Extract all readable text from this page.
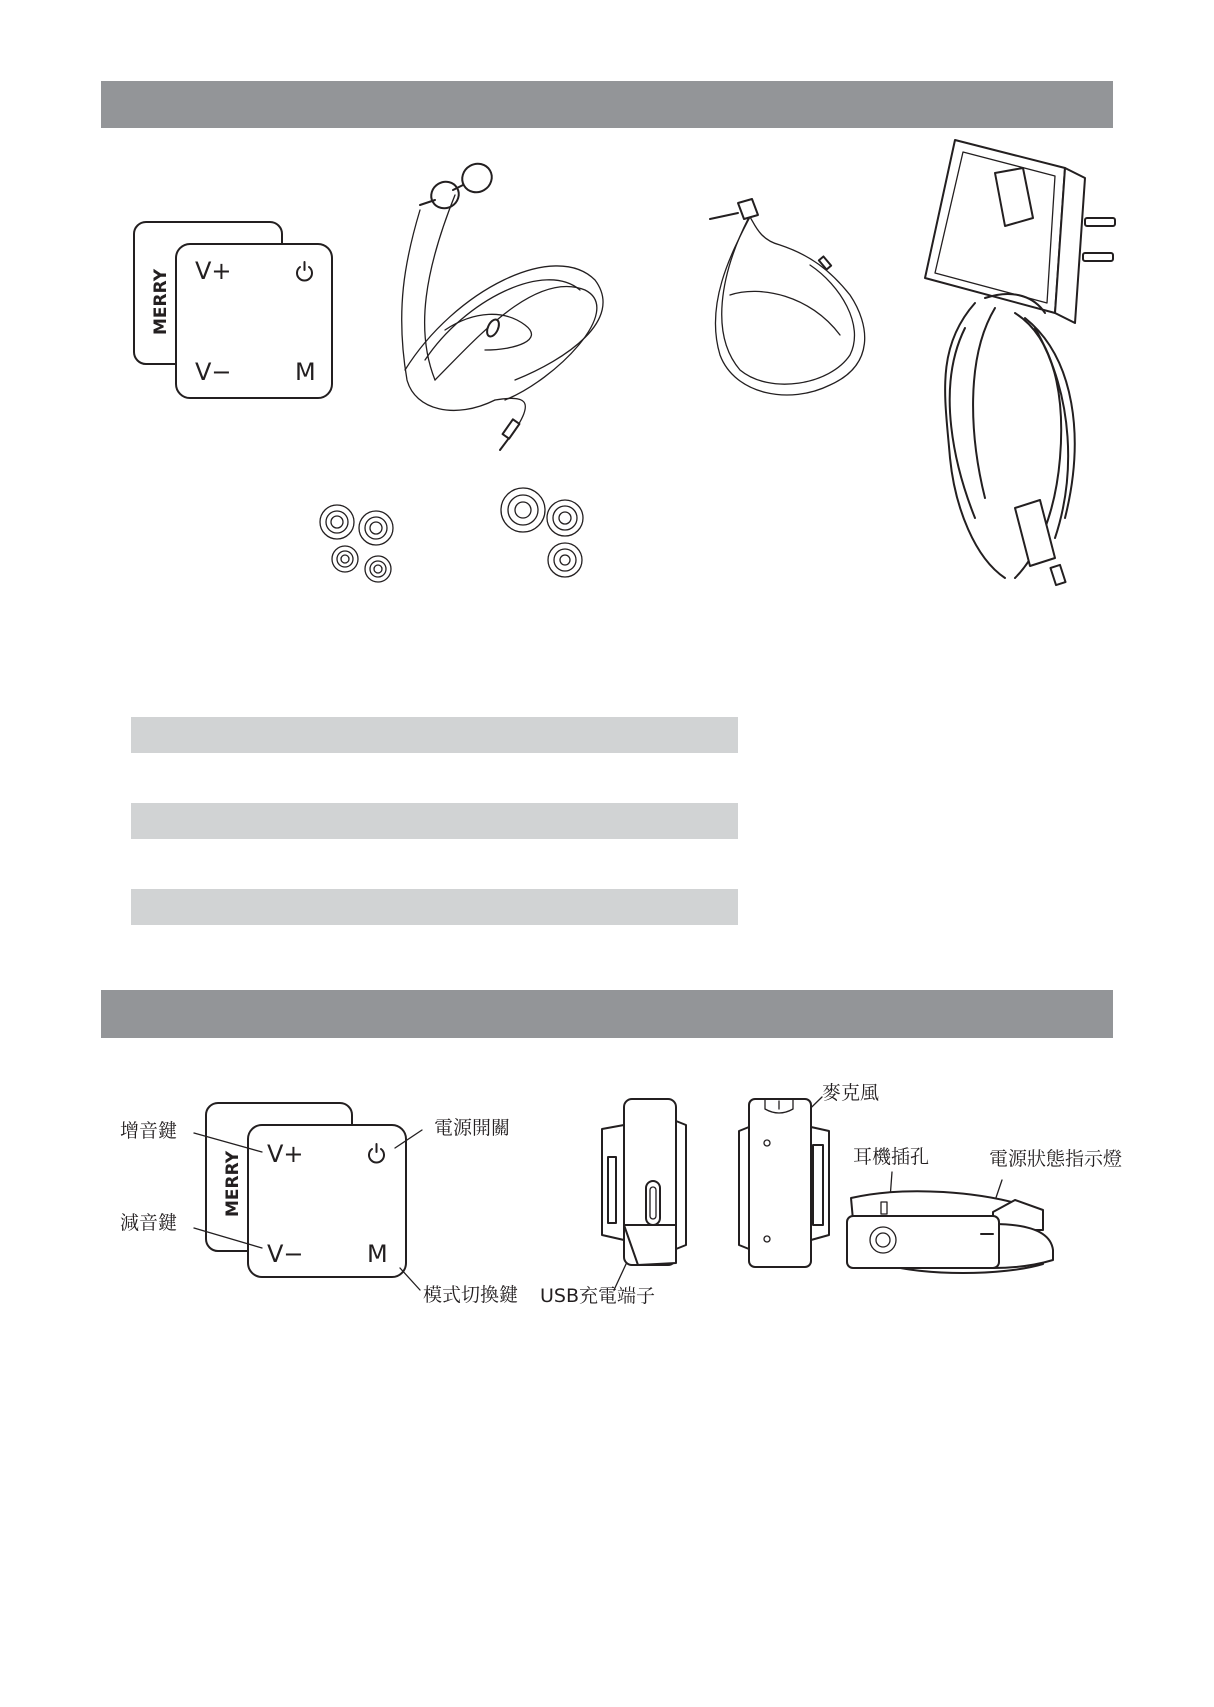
MERRY V+
V−	M
MERRY V+
V−	M
增音鍵
減音鍵
電源開關
模式切換鍵 USB充電端子
麥克風
耳機插孔	電源狀態指示燈
